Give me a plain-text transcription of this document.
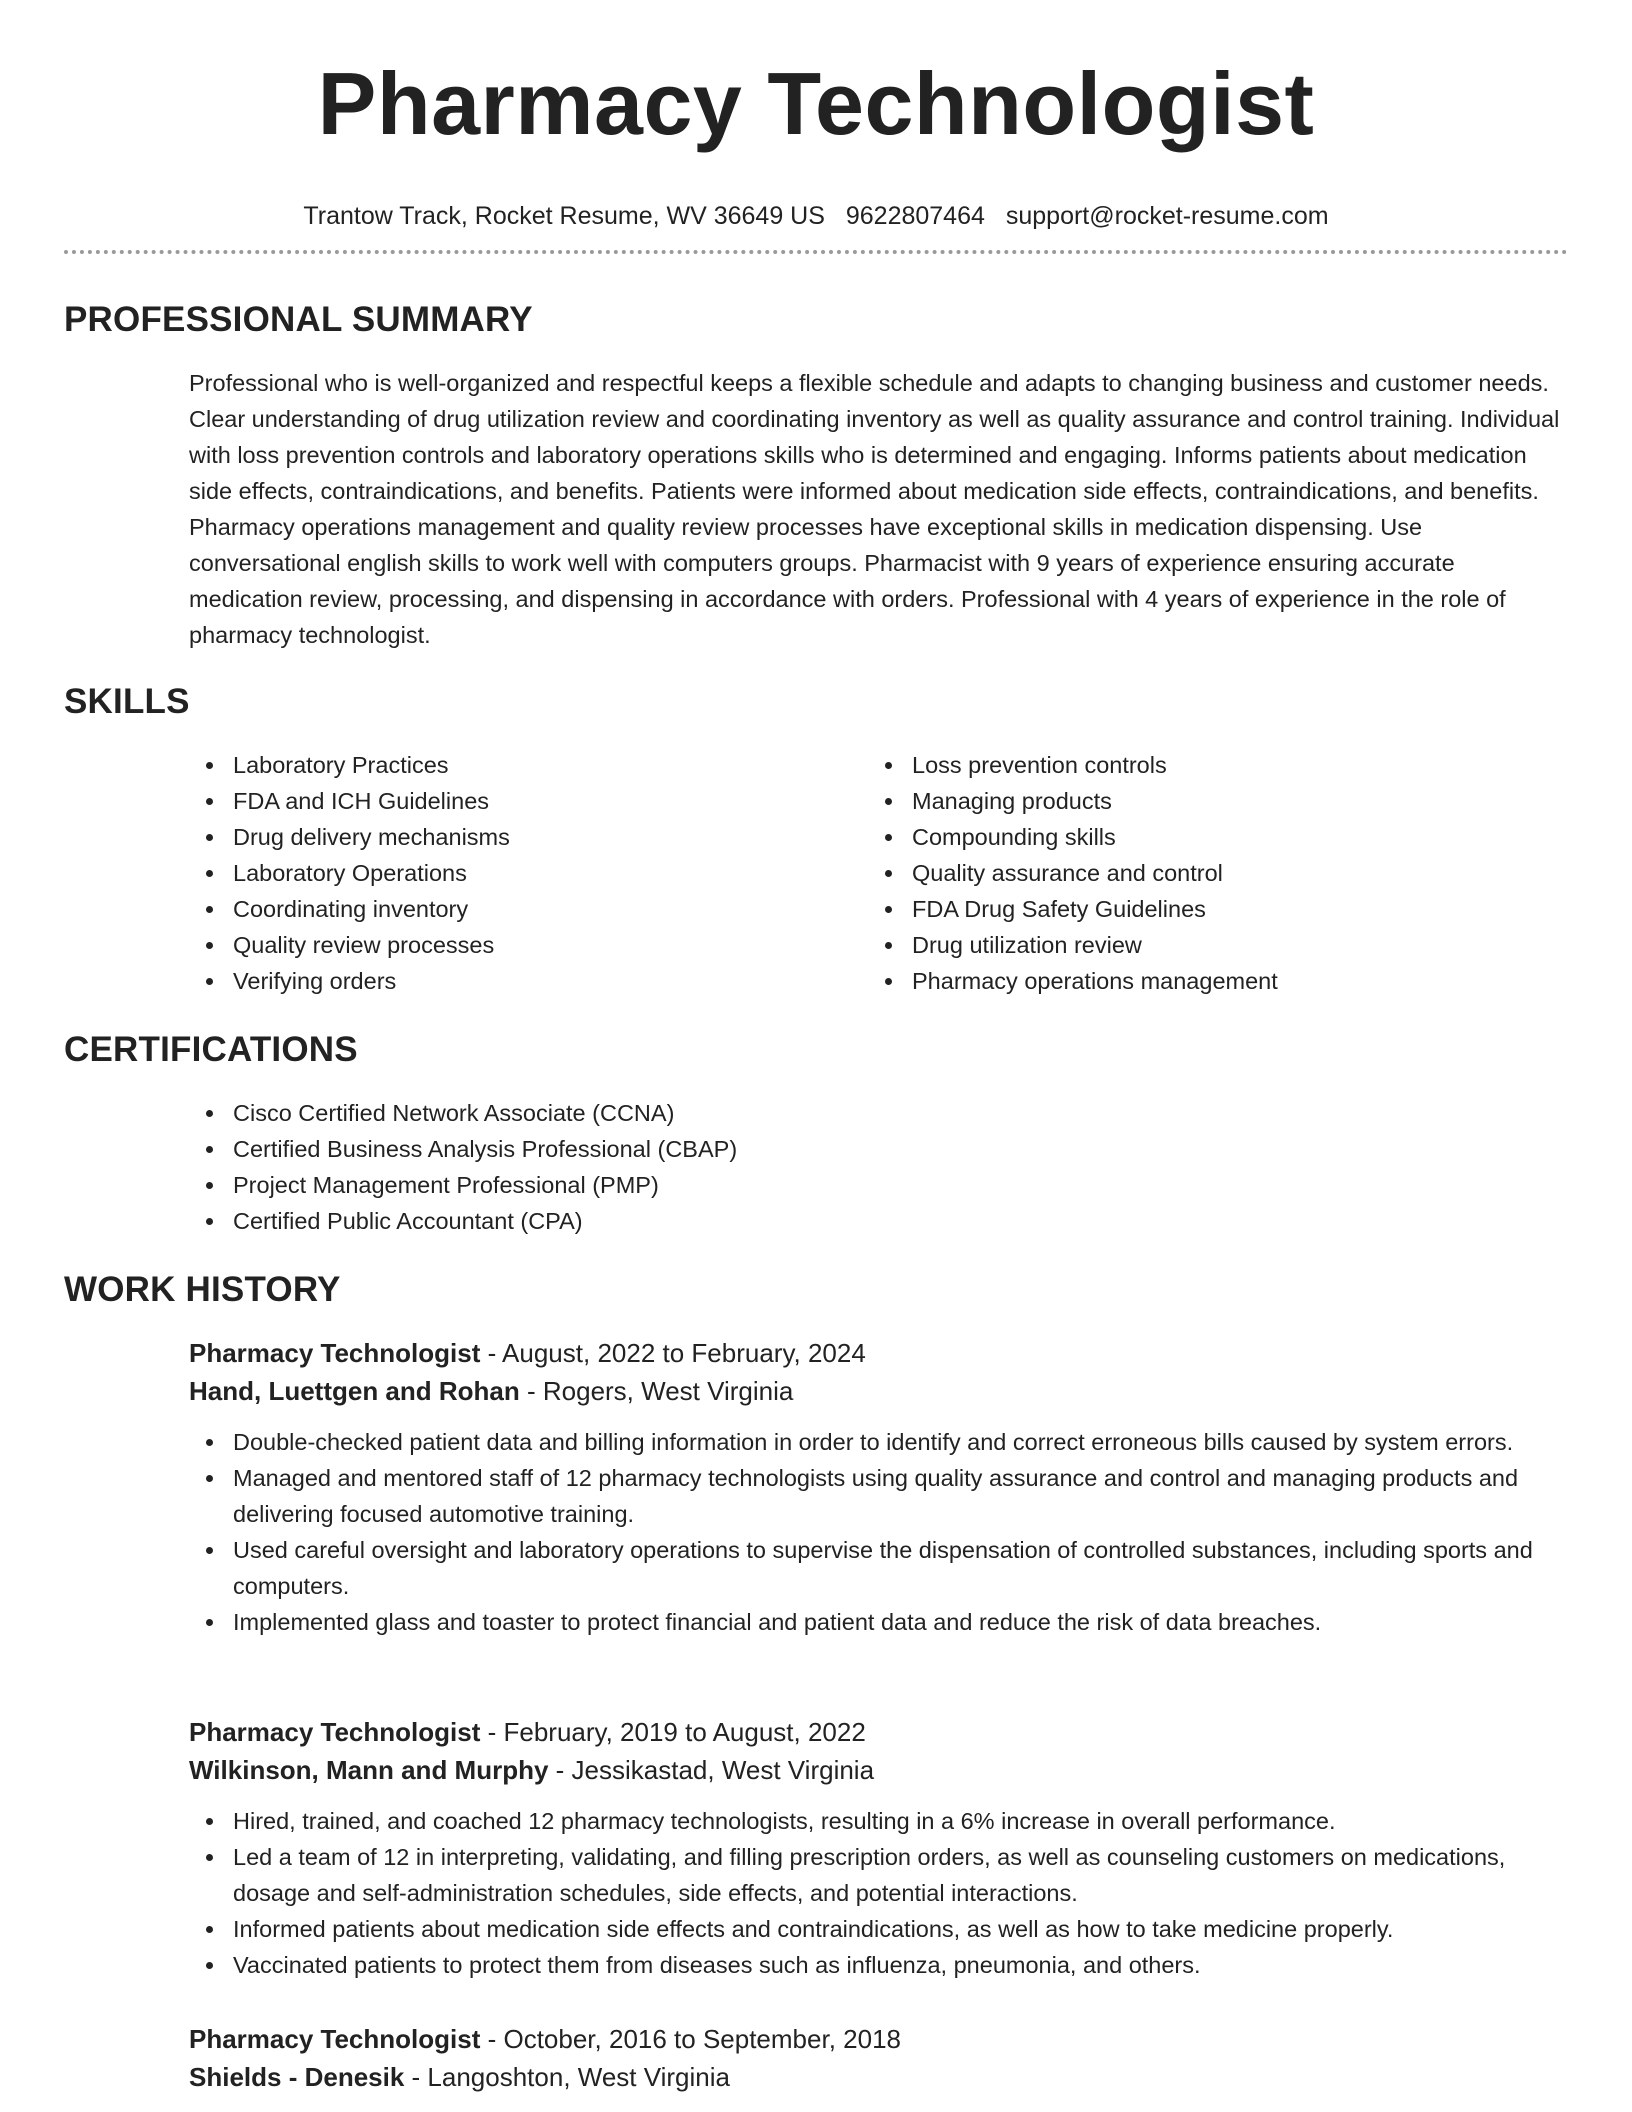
Pharmacy Technologist
Trantow Track, Rocket Resume, WV 36649 US 9622807464 support@rocket-resume.com
PROFESSIONAL SUMMARY

Professional who is well-organized and respectful keeps a flexible schedule and adapts to changing business and customer needs. Clear understanding of drug utilization review and coordinating inventory as well as quality assurance and control training. Individual with loss prevention controls and laboratory operations skills who is determined and engaging. Informs patients about medication side effects, contraindications, and benefits. Patients were informed about medication side effects, contraindications, and benefits. Pharmacy operations management and quality review processes have exceptional skills in medication dispensing. Use conversational english skills to work well with computers groups. Pharmacist with 9 years of experience ensuring accurate medication review, processing, and dispensing in accordance with orders. Professional with 4 years of experience in the role of pharmacy technologist.

SKILLS
Laboratory Practices
FDA and ICH Guidelines
Drug delivery mechanisms
Laboratory Operations
Coordinating inventory
Quality review processes
Verifying orders
Loss prevention controls
Managing products
Compounding skills
Quality assurance and control
FDA Drug Safety Guidelines
Drug utilization review
Pharmacy operations management
CERTIFICATIONS
Cisco Certified Network Associate (CCNA)
Certified Business Analysis Professional (CBAP)
Project Management Professional (PMP)
Certified Public Accountant (CPA)
WORK HISTORY

Pharmacy Technologist - August, 2022 to February, 2024

Hand, Luettgen and Rohan - Rogers, West Virginia

Double-checked patient data and billing information in order to identify and correct erroneous bills caused by system errors.
Managed and mentored staff of 12 pharmacy technologists using quality assurance and control and managing products and delivering focused automotive training.
Used careful oversight and laboratory operations to supervise the dispensation of controlled substances, including sports and computers.
Implemented glass and toaster to protect financial and patient data and reduce the risk of data breaches.

Pharmacy Technologist - February, 2019 to August, 2022

Wilkinson, Mann and Murphy - Jessikastad, West Virginia

Hired, trained, and coached 12 pharmacy technologists, resulting in a 6% increase in overall performance.
Led a team of 12 in interpreting, validating, and filling prescription orders, as well as counseling customers on medications, dosage and self-administration schedules, side effects, and potential interactions.
Informed patients about medication side effects and contraindications, as well as how to take medicine properly.
Vaccinated patients to protect them from diseases such as influenza, pneumonia, and others.

Pharmacy Technologist - October, 2016 to September, 2018

Shields - Denesik - Langoshton, West Virginia
